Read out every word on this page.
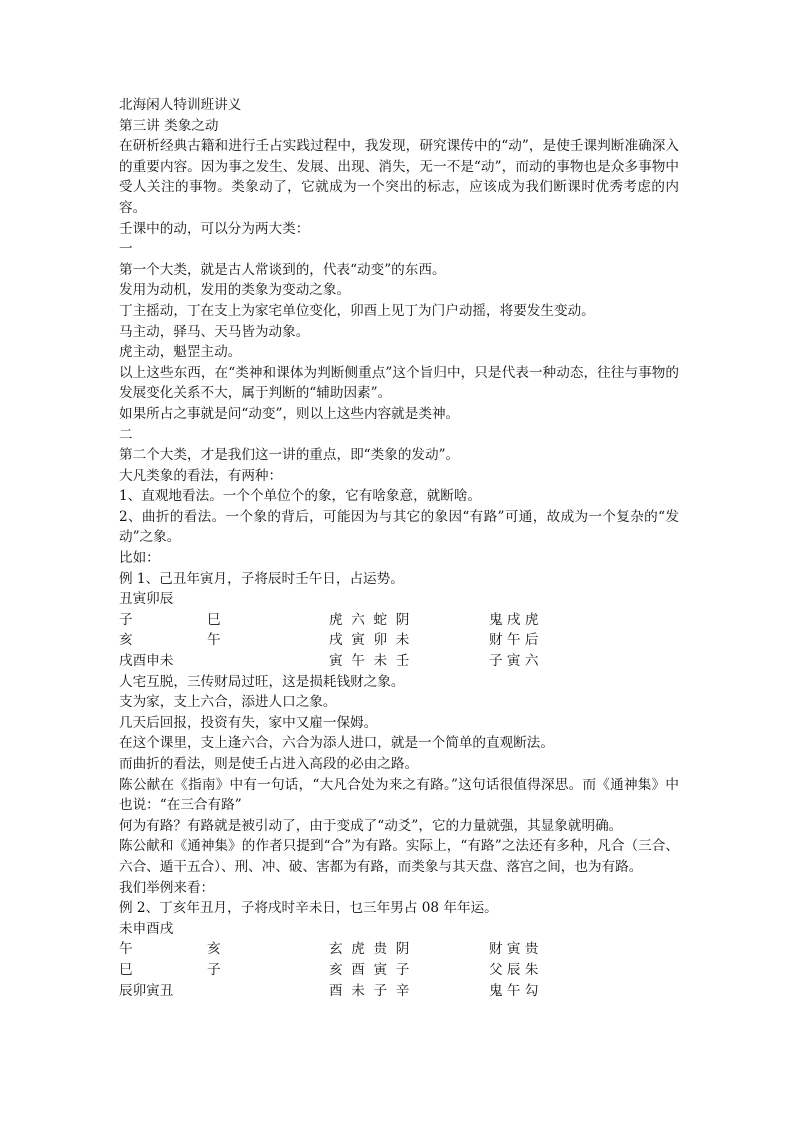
北海闲人特训班讲义
第三讲 类象之动
在研析经典古籍和进行壬占实践过程中，我发现，研究课传中的“动”，是使壬课判断准确深入的重要内容。因为事之发生、发展、出现、消失，无一不是“动”，而动的事物也是众多事物中受人关注的事物。类象动了，它就成为一个突出的标志，应该成为我们断课时优秀考虑的内容。
壬课中的动，可以分为两大类：
一
第一个大类，就是古人常谈到的，代表“动变”的东西。
发用为动机，发用的类象为变动之象。
丁主摇动，丁在支上为家宅单位变化，卯酉上见丁为门户动摇，将要发生变动。
马主动，驿马、天马皆为动象。
虎主动，魁罡主动。
以上这些东西，在“类神和课体为判断侧重点”这个旨归中，只是代表一种动态，往往与事物的发展变化关系不大，属于判断的“辅助因素”。
如果所占之事就是问“动变”，则以上这些内容就是类神。
二
第二个大类，才是我们这一讲的重点，即“类象的发动”。
大凡类象的看法，有两种：
1、直观地看法。一个个单位个的象，它有啥象意，就断啥。
2、曲折的看法。一个象的背后，可能因为与其它的象因“有路”可通，故成为一个复杂的“发动”之象。
比如：
例 1、己丑年寅月，子将辰时壬午日，占运势。
丑寅卯辰
子	巳	虎  六  蛇  阴	鬼 戌 虎
亥	午	戌  寅  卯  未	财 午 后
戌酉申未	寅  午  未  壬	子 寅 六
人宅互脱，三传财局过旺，这是损耗钱财之象。
支为家，支上六合，添进人口之象。
几天后回报，投资有失，家中又雇一保姆。
在这个课里，支上逢六合，六合为添人进口，就是一个简单的直观断法。
而曲折的看法，则是使壬占进入高段的必由之路。
陈公献在《指南》中有一句话，“大凡合处为来之有路。”这句话很值得深思。而《通神集》中也说：“在三合有路”
何为有路？有路就是被引动了，由于变成了“动爻”，它的力量就强，其显象就明确。
陈公献和《通神集》的作者只提到“合”为有路。实际上，“有路”之法还有多种，凡合（三合、六合、遁干五合）、刑、冲、破、害都为有路，而类象与其天盘、落宫之间，也为有路。
我们举例来看：
例 2、丁亥年丑月，子将戌时辛未日，乜三年男占 08 年年运。
未申酉戌
午	亥	玄  虎  贵  阴	财 寅 贵
巳	子	亥  酉  寅  子	父 辰 朱
辰卯寅丑	酉  未  子  辛	鬼 午 勾
